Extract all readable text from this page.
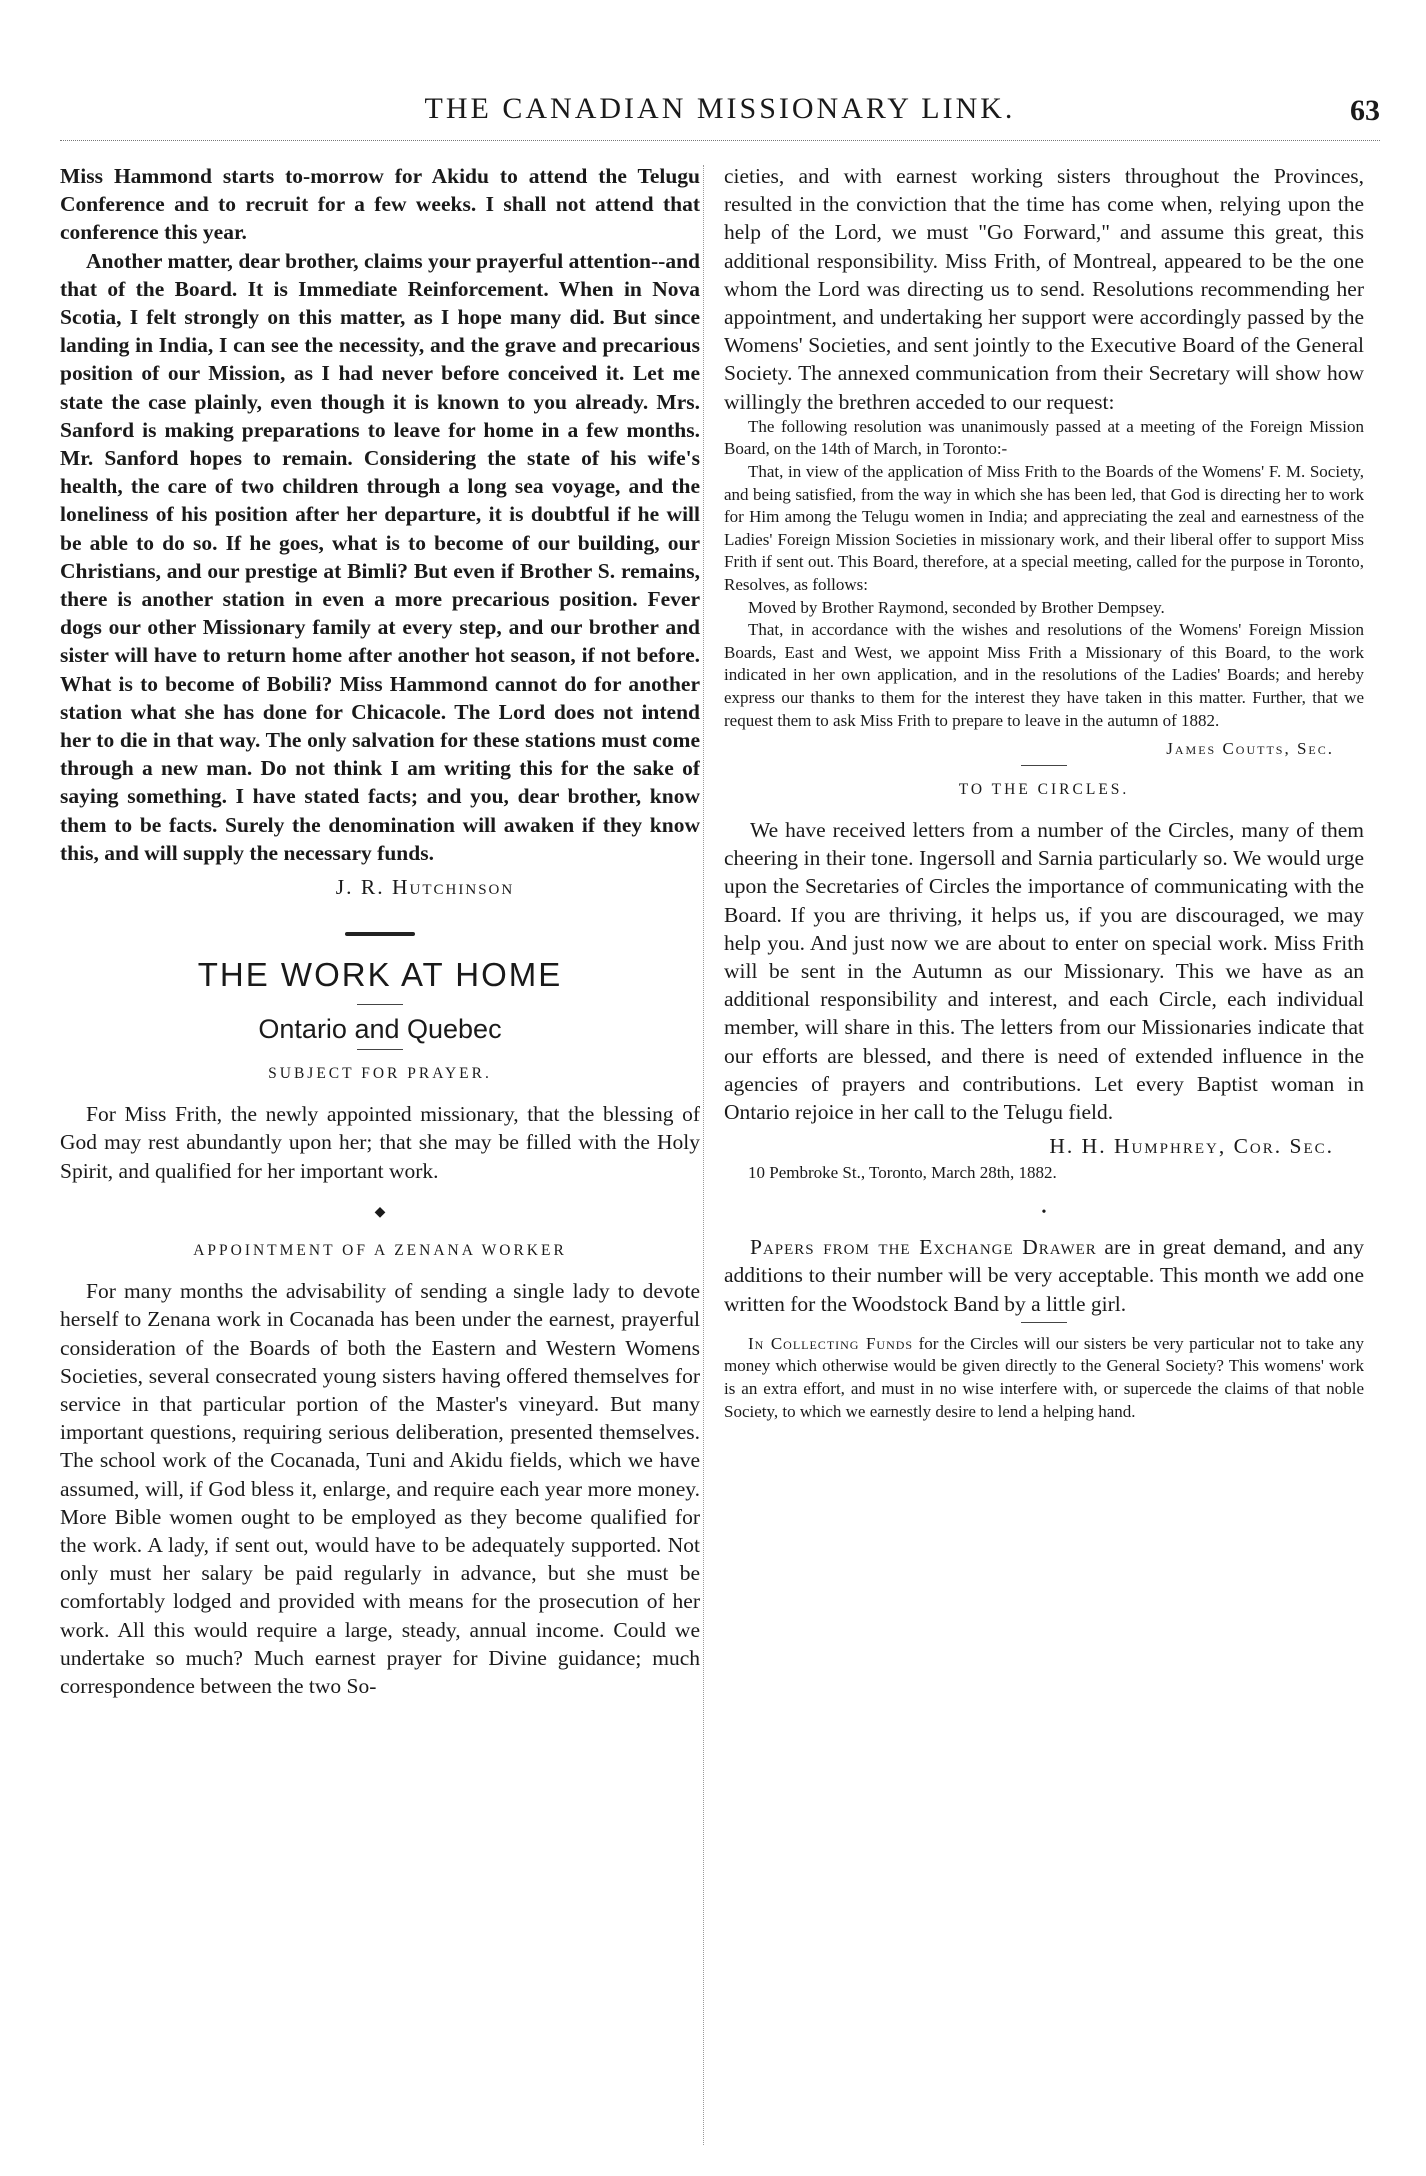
THE CANADIAN MISSIONARY LINK.	63

Miss Hammond starts to-morrow for Akidu to attend the Telugu Conference and to recruit for a few weeks. I shall not attend that conference this year.

Another matter, dear brother, claims your prayerful attention--and that of the Board. It is Immediate Reinforcement. When in Nova Scotia, I felt strongly on this matter, as I hope many did. But since landing in India, I can see the necessity, and the grave and precarious position of our Mission, as I had never before conceived it. Let me state the case plainly, even though it is known to you already. Mrs. Sanford is making preparations to leave for home in a few months. Mr. Sanford hopes to remain. Considering the state of his wife's health, the care of two children through a long sea voyage, and the loneliness of his position after her departure, it is doubtful if he will be able to do so. If he goes, what is to become of our building, our Christians, and our prestige at Bimli? But even if Brother S. remains, there is another station in even a more precarious position. Fever dogs our other Missionary family at every step, and our brother and sister will have to return home after another hot season, if not before. What is to become of Bobili? Miss Hammond cannot do for another station what she has done for Chicacole. The Lord does not intend her to die in that way. The only salvation for these stations must come through a new man. Do not think I am writing this for the sake of saying something. I have stated facts; and you, dear brother, know them to be facts. Surely the denomination will awaken if they know this, and will supply the necessary funds.

J. R. Hutchinson

THE WORK AT HOME
Ontario and Quebec
SUBJECT FOR PRAYER.

For Miss Frith, the newly appointed missionary, that the blessing of God may rest abundantly upon her; that she may be filled with the Holy Spirit, and qualified for her important work.

◆
APPOINTMENT OF A ZENANA WORKER

For many months the advisability of sending a single lady to devote herself to Zenana work in Cocanada has been under the earnest, prayerful consideration of the Boards of both the Eastern and Western Womens Societies, several consecrated young sisters having offered themselves for service in that particular portion of the Master's vineyard. But many important questions, requiring serious deliberation, presented themselves. The school work of the Cocanada, Tuni and Akidu fields, which we have assumed, will, if God bless it, enlarge, and require each year more money. More Bible women ought to be employed as they become qualified for the work. A lady, if sent out, would have to be adequately supported. Not only must her salary be paid regularly in advance, but she must be comfortably lodged and provided with means for the prosecution of her work. All this would require a large, steady, annual income. Could we undertake so much? Much earnest prayer for Divine guidance; much correspondence between the two So-

cieties, and with earnest working sisters throughout the Provinces, resulted in the conviction that the time has come when, relying upon the help of the Lord, we must "Go Forward," and assume this great, this additional responsibility. Miss Frith, of Montreal, appeared to be the one whom the Lord was directing us to send. Resolutions recommending her appointment, and undertaking her support were accordingly passed by the Womens' Societies, and sent jointly to the Executive Board of the General Society. The annexed communication from their Secretary will show how willingly the brethren acceded to our request:

The following resolution was unanimously passed at a meeting of the Foreign Mission Board, on the 14th of March, in Toronto:-

That, in view of the application of Miss Frith to the Boards of the Womens' F. M. Society, and being satisfied, from the way in which she has been led, that God is directing her to work for Him among the Telugu women in India; and appreciating the zeal and earnestness of the Ladies' Foreign Mission Societies in missionary work, and their liberal offer to support Miss Frith if sent out. This Board, therefore, at a special meeting, called for the purpose in Toronto, Resolves, as follows:

Moved by Brother Raymond, seconded by Brother Dempsey.

That, in accordance with the wishes and resolutions of the Womens' Foreign Mission Boards, East and West, we appoint Miss Frith a Missionary of this Board, to the work indicated in her own application, and in the resolutions of the Ladies' Boards; and hereby express our thanks to them for the interest they have taken in this matter. Further, that we request them to ask Miss Frith to prepare to leave in the autumn of 1882.

James Coutts, Sec.

TO THE CIRCLES.

We have received letters from a number of the Circles, many of them cheering in their tone. Ingersoll and Sarnia particularly so. We would urge upon the Secretaries of Circles the importance of communicating with the Board. If you are thriving, it helps us, if you are discouraged, we may help you. And just now we are about to enter on special work. Miss Frith will be sent in the Autumn as our Missionary. This we have as an additional responsibility and interest, and each Circle, each individual member, will share in this. The letters from our Missionaries indicate that our efforts are blessed, and there is need of extended influence in the agencies of prayers and contributions. Let every Baptist woman in Ontario rejoice in her call to the Telugu field.

H. H. Humphrey, Cor. Sec.

10 Pembroke St., Toronto, March 28th, 1882.

•

Papers from the Exchange Drawer are in great demand, and any additions to their number will be very acceptable. This month we add one written for the Woodstock Band by a little girl.

In Collecting Funds for the Circles will our sisters be very particular not to take any money which otherwise would be given directly to the General Society? This womens' work is an extra effort, and must in no wise interfere with, or supercede the claims of that noble Society, to which we earnestly desire to lend a helping hand.
